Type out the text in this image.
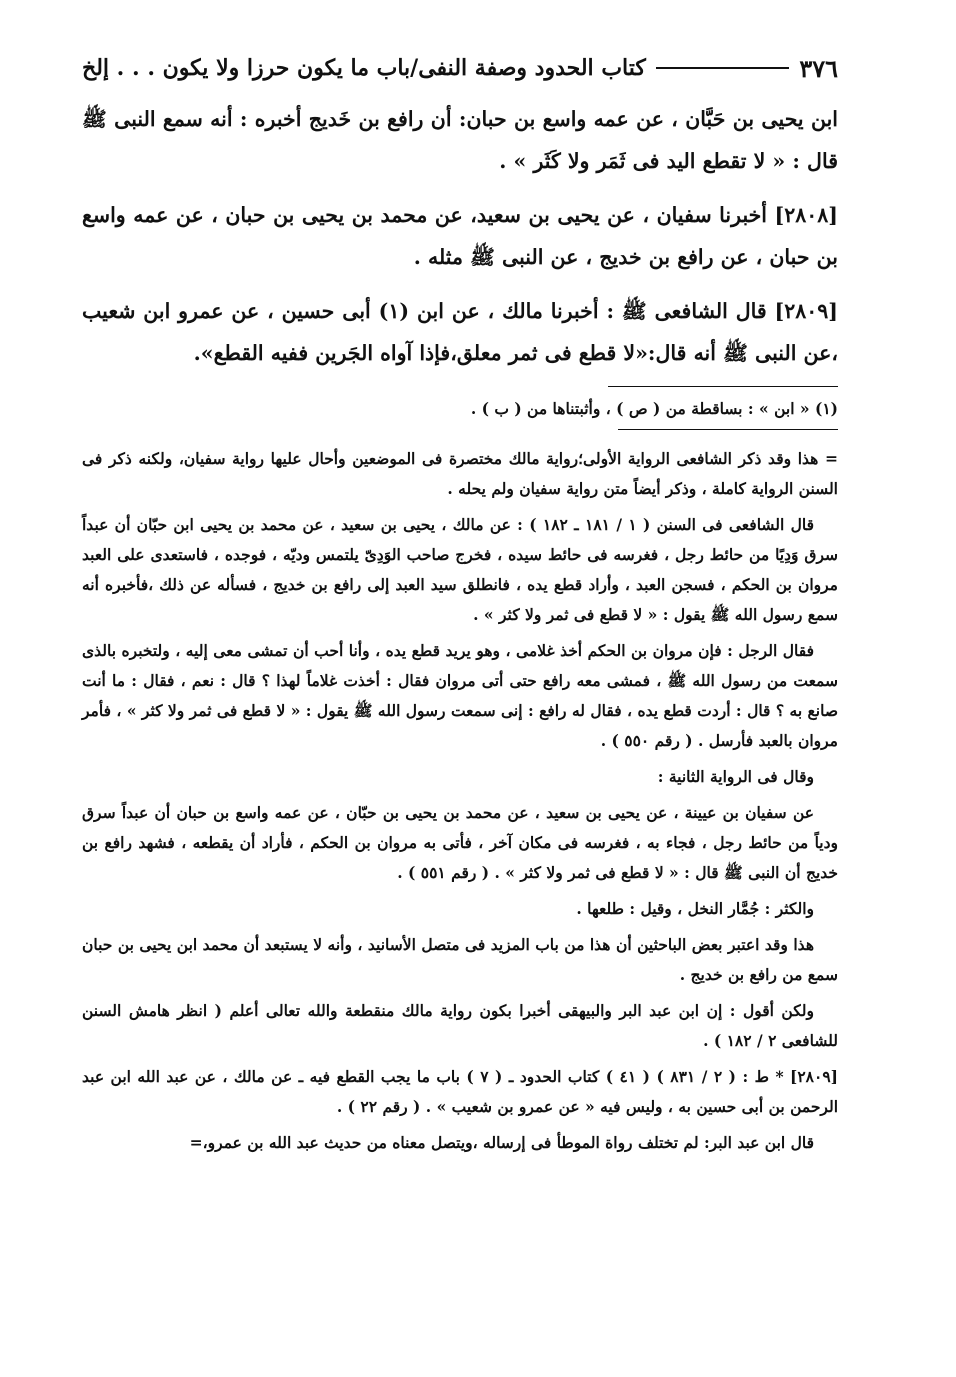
٣٧٦
كتاب الحدود وصفة النفى/باب ما يكون حرزا ولا يكون . . . إلخ

ابن يحيى بن حَبَّان ، عن عمه واسع بن حبان: أن رافع بن خَديج أخبره : أنه سمع النبى ﷺ قال : « لا تقطع اليد فى ثَمَر ولا كَثَر » .

[٢٨٠٨] أخبرنا سفيان ، عن يحيى بن سعيد، عن محمد بن يحيى بن حبان ، عن عمه واسع بن حبان ، عن رافع بن خديج ، عن النبى ﷺ مثله .

[٢٨٠٩] قال الشافعى ﷺ : أخبرنا مالك ، عن ابن (١) أبى حسين ، عن عمرو ابن شعيب ،عن النبى ﷺ أنه قال:«لا قطع فى ثمر معلق،فإذا آواه الجَرين ففيه القطع».

(١) « ابن » : بساقطة من ( ص ) ، وأثبتناها من ( ب ) .

= هذا وقد ذكر الشافعى الرواية الأولى؛رواية مالك مختصرة فى الموضعين وأحال عليها رواية سفيان، ولكنه ذكر فى السنن الرواية كاملة ، وذكر أيضاً متن رواية سفيان ولم يحله .

قال الشافعى فى السنن ( ١ / ١٨١ ـ ١٨٢ ) : عن مالك ، يحيى بن سعيد ، عن محمد بن يحيى ابن حبّان أن عبداً سرق وَدِيًا من حائط رجل ، فغرسه فى حائط سيده ، فخرج صاحب الوَدِىّ يلتمس وديّه ، فوجده ، فاستعدى على العبد مروان بن الحكم ، فسجن العبد ، وأراد قطع يده ، فانطلق سيد العبد إلى رافع بن خديج ، فسأله عن ذلك ،فأخبره أنه سمع رسول الله ﷺ يقول : « لا قطع فى ثمر ولا كثر » .

فقال الرجل : فإن مروان بن الحكم أخذ غلامى ، وهو يريد قطع يده ، وأنا أحب أن تمشى معى إليه ، ولتخبره بالذى سمعت من رسول الله ﷺ ، فمشى معه رافع حتى أتى مروان فقال : أخذت غلاماً لهذا ؟ قال : نعم ، فقال : ما أنت صانع به ؟ قال : أردت قطع يده ، فقال له رافع : إنى سمعت رسول الله ﷺ يقول : « لا قطع فى ثمر ولا كثر » ، فأمر مروان بالعبد فأرسل . ( رقم ٥٥٠ ) .

وقال فى الرواية الثانية :

عن سفيان بن عيينة ، عن يحيى بن سعيد ، عن محمد بن يحيى بن حبّان ، عن عمه واسع بن حبان أن عبداً سرق ودياً من حائط رجل ، فجاء به ، فغرسه فى مكان آخر ، فأتى به مروان بن الحكم ، فأراد أن يقطعه ، فشهد رافع بن خديج أن النبى ﷺ قال : « لا قطع فى ثمر ولا كثر » . ( رقم ٥٥١ ) .

والكثر : جُمَّار النخل ، وقيل : طلعها .

هذا وقد اعتبر بعض الباحثين أن هذا من باب المزيد فى متصل الأسانيد ، وأنه لا يستبعد أن محمد ابن يحيى بن حبان سمع من رافع بن خديج .

ولكن أقول : إن ابن عبد البر والبيهقى أخبرا بكون رواية مالك منقطعة والله تعالى أعلم ( انظر هامش السنن للشافعى ٢ / ١٨٢ ) .

[٢٨٠٩] * ط : ( ٢ / ٨٣١ ) ( ٤١ ) كتاب الحدود ـ ( ٧ ) باب ما يجب القطع فيه ـ عن مالك ، عن عبد الله ابن عبد الرحمن بن أبى حسين به ، وليس فيه « عن عمرو بن شعيب » . ( رقم ٢٢ ) .

قال ابن عبد البر: لم تختلف رواة الموطأ فى إرساله ،ويتصل معناه من حديث عبد الله بن عمرو،=
